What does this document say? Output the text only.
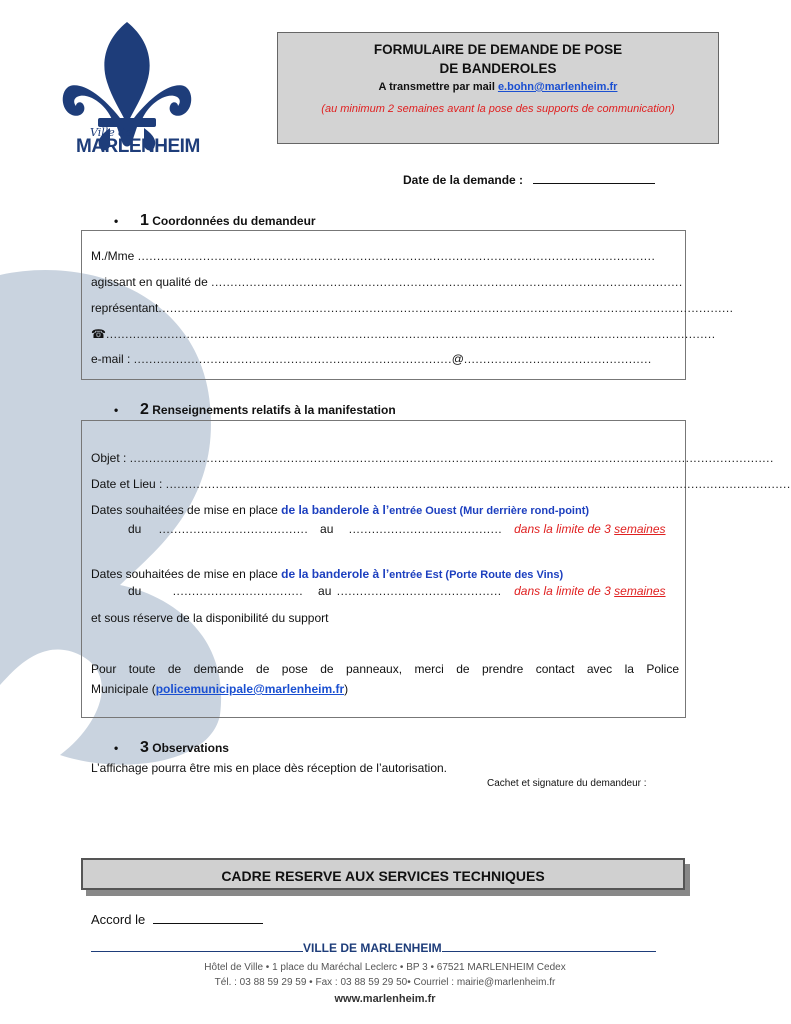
Ville de
MARLENHEIM
FORMULAIRE DE DEMANDE DE POSE
DE BANDEROLES
A transmettre par mail e.bohn@marlenheim.fr
(au minimum 2 semaines avant la pose des supports de communication)
Date de la demande :
• 1 Coordonnées du demandeur
M./Mme .......................................................................................................................................
agissant en qualité de ...........................................................................................................................
représentant......................................................................................................................................................
☎...............................................................................................................................................................
e-mail : ...................................................................................@.................................................
• 2 Renseignements relatifs à la manifestation
Objet : ........................................................................................................................................................................
Date et Lieu : ...................................................................................................................................................................
Dates souhaitées de mise en place de la banderole à l’entrée Ouest (Mur derrière rond-point)
du ....................................... au ........................................ dans la limite de 3 semaines
Dates souhaitées de mise en place de la banderole à l’entrée Est (Porte Route des Vins)
du	.................................. au ........................................... dans la limite de 3 semaines
et sous réserve de la disponibilité du support
Pour toute de demande de pose de panneaux, merci de prendre contact avec la Police
Municipale (policemunicipale@marlenheim.fr)
• 3 Observations
L’affichage pourra être mis en place dès réception de l’autorisation.
Cachet et signature du demandeur :
CADRE RESERVE AUX SERVICES TECHNIQUES
Accord le
VILLE DE MARLENHEIM
Hôtel de Ville • 1 place du Maréchal Leclerc • BP 3 • 67521 MARLENHEIM Cedex
Tél. : 03 88 59 29 59 • Fax : 03 88 59 29 50• Courriel : mairie@marlenheim.fr
www.marlenheim.fr
